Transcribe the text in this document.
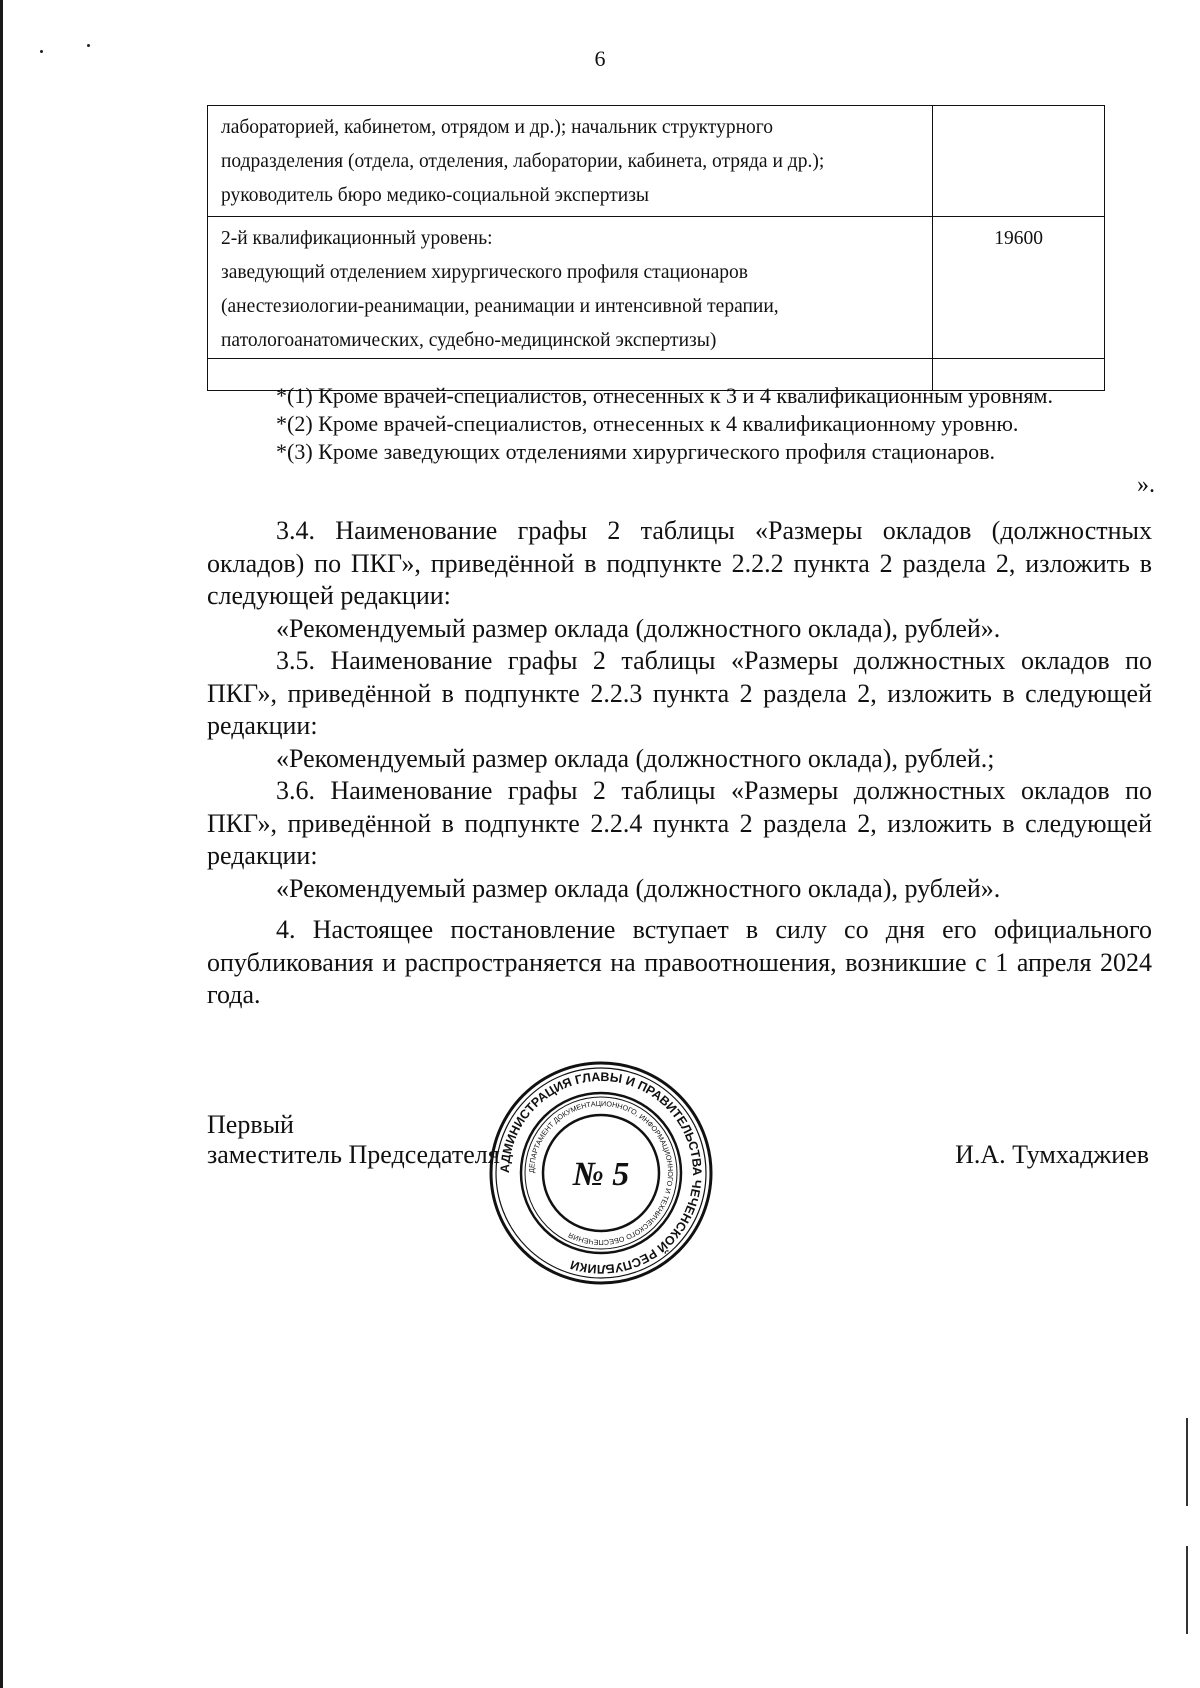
6
лабораторией, кабинетом, отрядом и др.); начальник структурного
подразделения (отдела, отделения, лаборатории, кабинета, отряда и др.);
руководитель бюро медико-социальной экспертизы	

2-й квалификационный уровень:
заведующий отделением хирургического профиля стационаров
(анестезиологии-реанимации, реанимации и интенсивной терапии,
патологоанатомических, судебно-медицинской экспертизы)	19600

*(1) Кроме врачей-специалистов, отнесенных к 3 и 4 квалификационным уровням.
*(2) Кроме врачей-специалистов, отнесенных к 4 квалификационному уровню.
*(3) Кроме заведующих отделениями хирургического профиля стационаров.
».

3.4. Наименование графы 2 таблицы «Размеры окладов (должностных окладов) по ПКГ», приведённой в подпункте 2.2.2 пункта 2 раздела 2, изложить в следующей редакции:

«Рекомендуемый размер оклада (должностного оклада), рублей».

3.5. Наименование графы 2 таблицы «Размеры должностных окладов по ПКГ», приведённой в подпункте 2.2.3 пункта 2 раздела 2, изложить в следующей редакции:

«Рекомендуемый размер оклада (должностного оклада), рублей.;

3.6. Наименование графы 2 таблицы «Размеры должностных окладов по ПКГ», приведённой в подпункте 2.2.4 пункта 2 раздела 2, изложить в следующей редакции:

«Рекомендуемый размер оклада (должностного оклада), рублей».

4. Настоящее постановление вступает в силу со дня его официального опубликования и распространяется на правоотношения, возникшие с 1 апреля 2024 года.

Первый
заместитель Председателя	И.А. Тумхаджиев
АДМИНИСТРАЦИЯ ГЛАВЫ И ПРАВИТЕЛЬСТВА ЧЕЧЕНСКОЙ РЕСПУБЛИКИ
ДЕПАРТАМЕНТ ДОКУМЕНТАЦИОННОГО, ИНФОРМАЦИОННОГО И ТЕХНИЧЕСКОГО ОБЕСПЕЧЕНИЯ
№ 5
